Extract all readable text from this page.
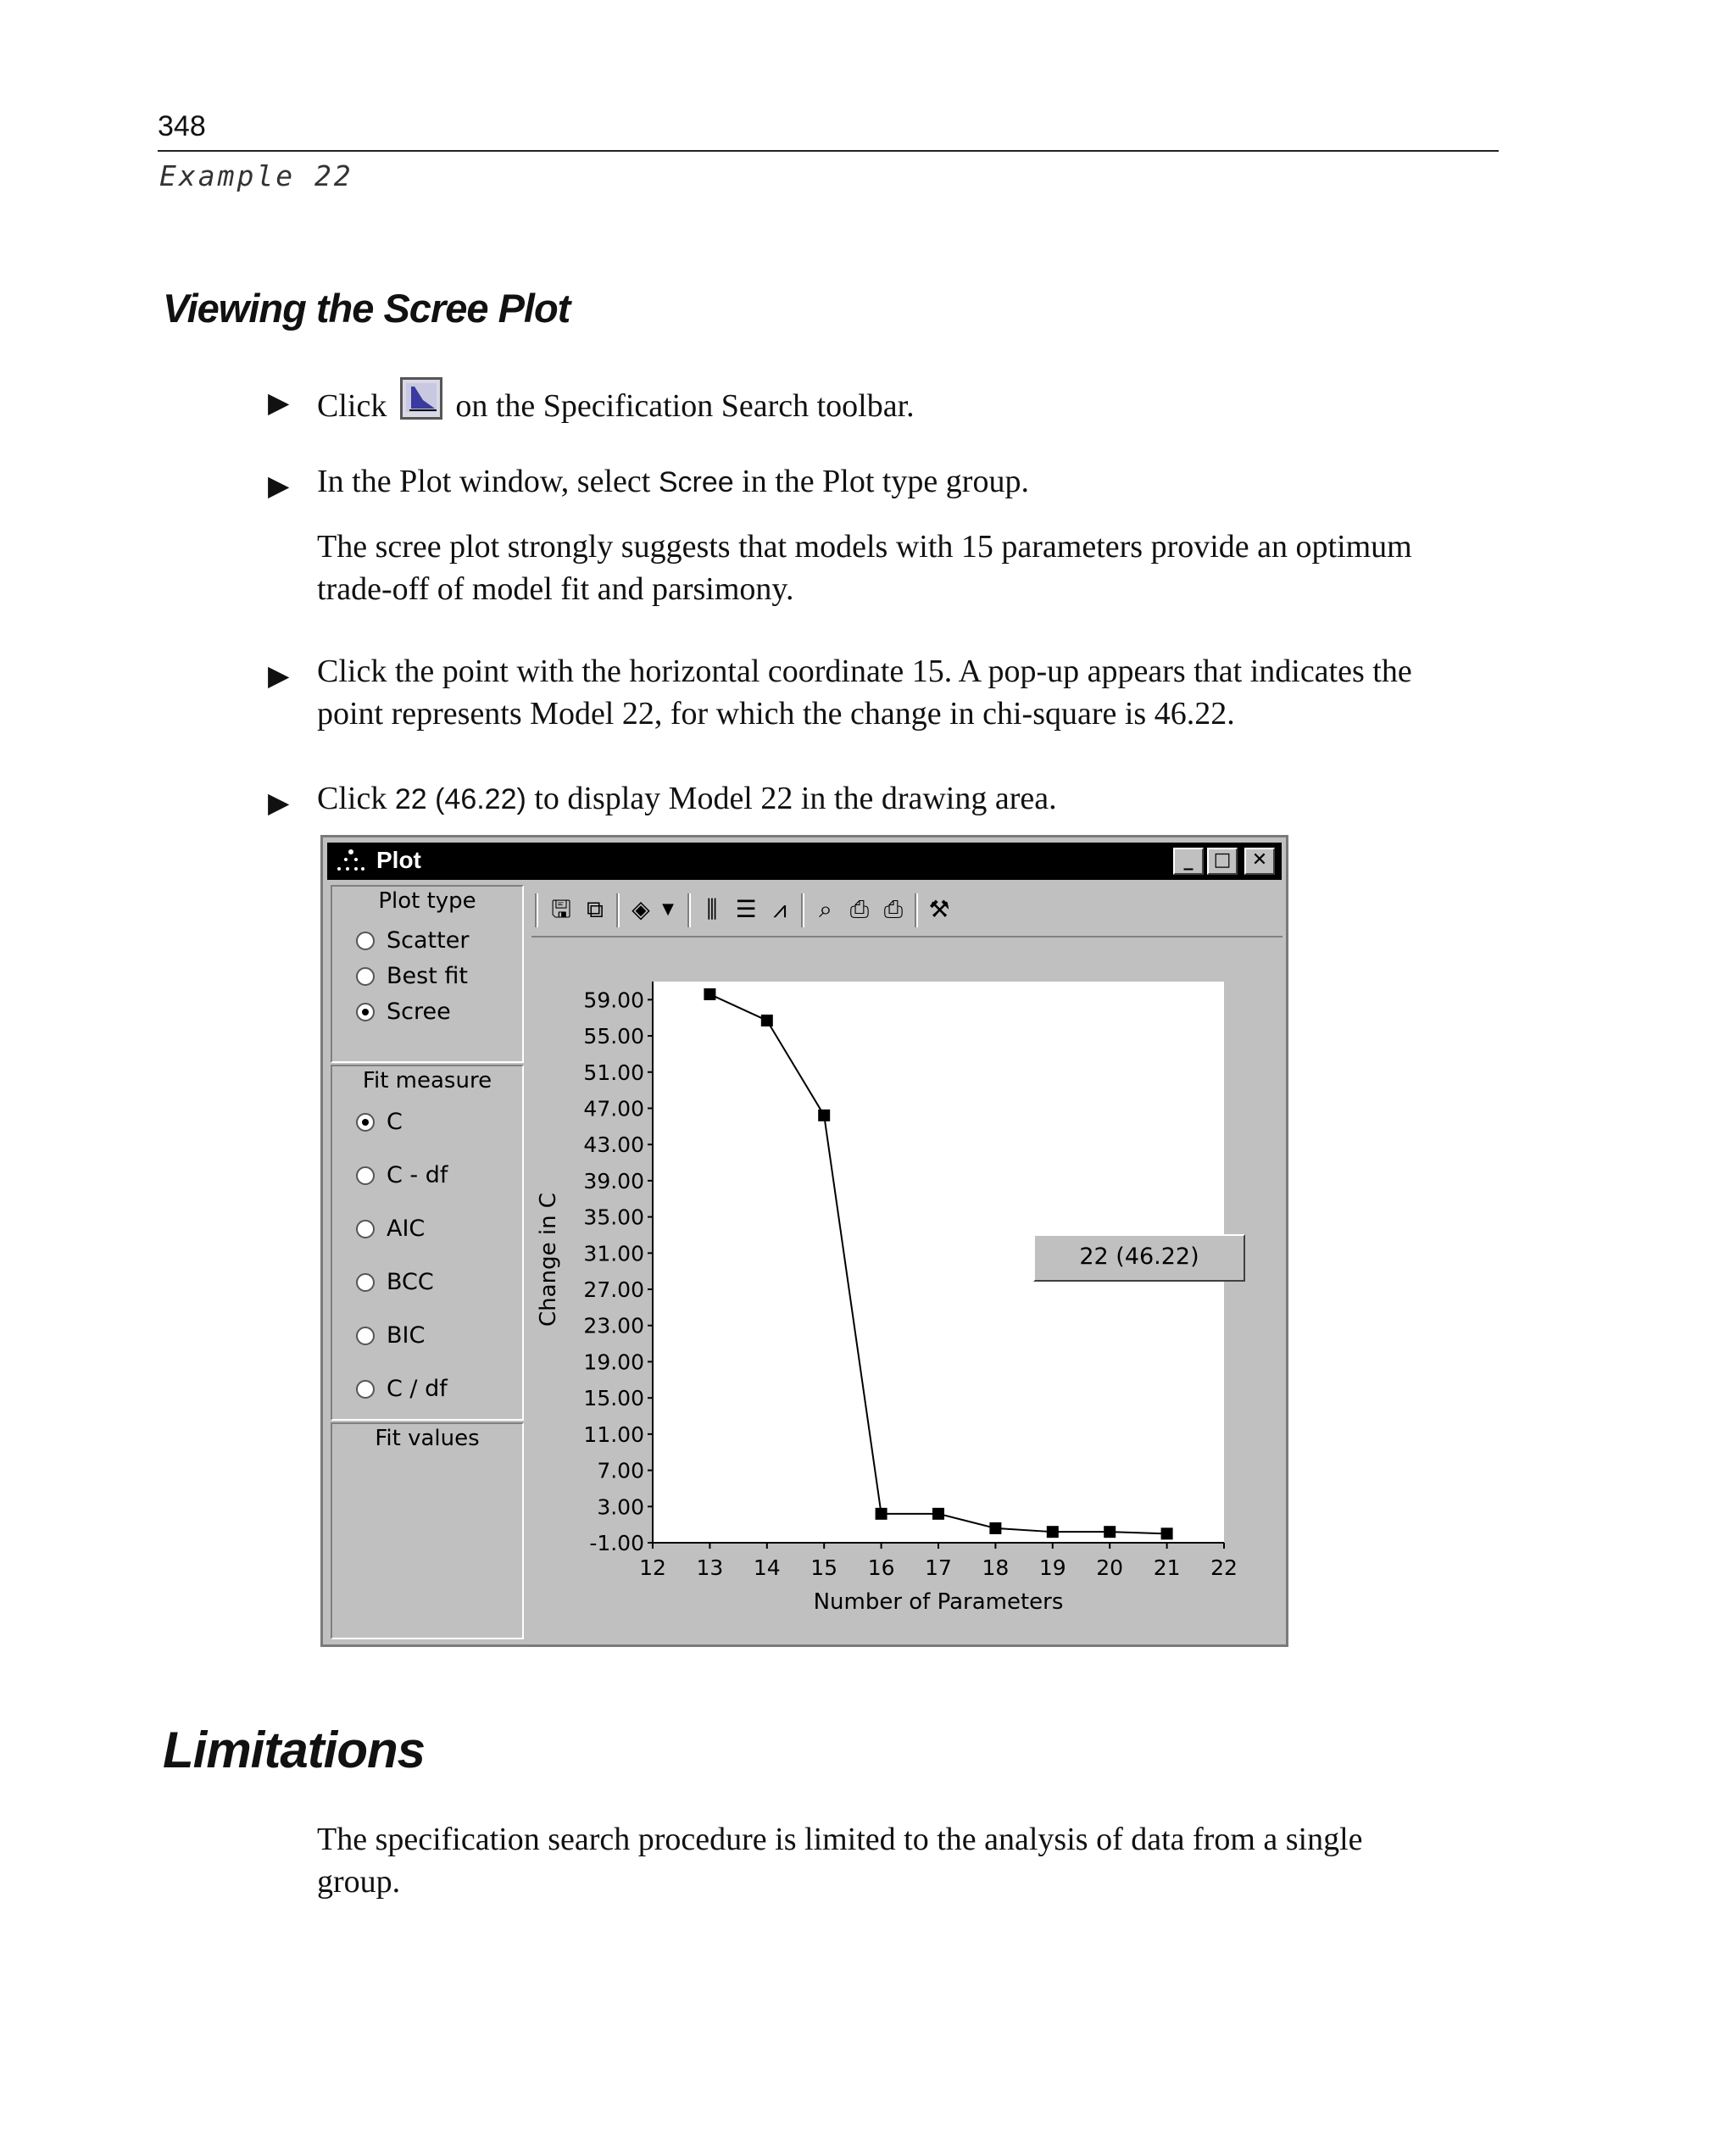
348
Example 22
Viewing the Scree Plot
▶ Click on the Specification Search toolbar.
▶ In the Plot window, select Scree in the Plot type group.
The scree plot strongly suggests that models with 15 parameters provide an optimum
trade-off of model fit and parsimony.
▶ Click the point with the horizontal coordinate 15. A pop-up appears that indicates the
point represents Model 22, for which the change in chi-square is 46.22.
▶ Click 22 (46.22) to display Model 22 in the drawing area.
Plot	_	□	✕
Plot type
Scatter
Best fit
Scree
Fit measure
C
C - df
AIC
BCC
BIC
C / df
Fit values
🖫 ⧉ ◈ ▼	⫼ ☰ ⩘	⌕ ⎙ ⎙ ⚒
59.00
55.00
51.00
47.00
43.00
39.00
35.00
31.00
27.00
23.00
19.00
15.00
11.00
7.00
3.00
-1.00
12 13 14 15 16 17 18 19 20 21 22
Number of Parameters
Change in C	22 (46.22)
Limitations
The specification search procedure is limited to the analysis of data from a single
group.
